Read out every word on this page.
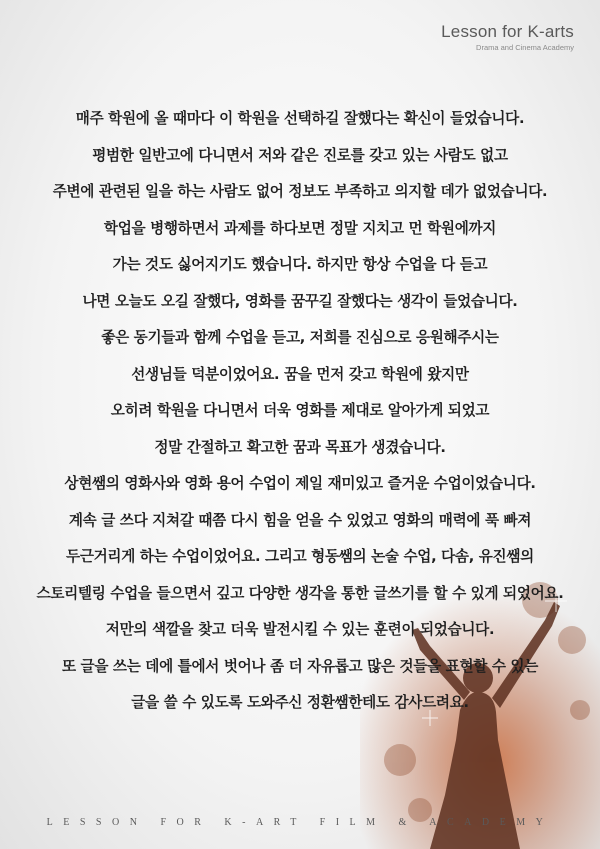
Lesson for K-arts
Drama and Cinema Academy
매주 학원에 올 때마다 이 학원을 선택하길 잘했다는 확신이 들었습니다.
평범한 일반고에 다니면서 저와 같은 진로를 갖고 있는 사람도 없고
주변에 관련된 일을 하는 사람도 없어 정보도 부족하고 의지할 데가 없었습니다.
학업을 병행하면서 과제를 하다보면 정말 지치고 먼 학원에까지
가는 것도 싫어지기도 했습니다. 하지만 항상 수업을 다 듣고
나면 오늘도 오길 잘했다, 영화를 꿈꾸길 잘했다는 생각이 들었습니다.
좋은 동기들과 함께 수업을 듣고, 저희를 진심으로 응원해주시는
선생님들 덕분이었어요. 꿈을 먼저 갖고 학원에 왔지만
오히려 학원을 다니면서 더욱 영화를 제대로 알아가게 되었고
정말 간절하고 확고한 꿈과 목표가 생겼습니다.
상현쌤의 영화사와 영화 용어 수업이 제일 재미있고 즐거운 수업이었습니다.
계속 글 쓰다 지쳐갈 때쯤 다시 힘을 얻을 수 있었고 영화의 매력에 푹 빠져
두근거리게 하는 수업이었어요. 그리고 형동쌤의 논술 수업, 다솜, 유진쌤의
스토리텔링 수업을 들으면서 깊고 다양한 생각을 통한 글쓰기를 할 수 있게 되었어요.
저만의 색깔을 찾고 더욱 발전시킬 수 있는 훈련이 되었습니다.
또 글을 쓰는 데에 틀에서 벗어나 좀 더 자유롭고 많은 것들을 표현할 수 있는
글을 쓸 수 있도록 도와주신 정환쌤한테도 감사드려요.
LESSON FOR K-ART FILM & ACADEMY
